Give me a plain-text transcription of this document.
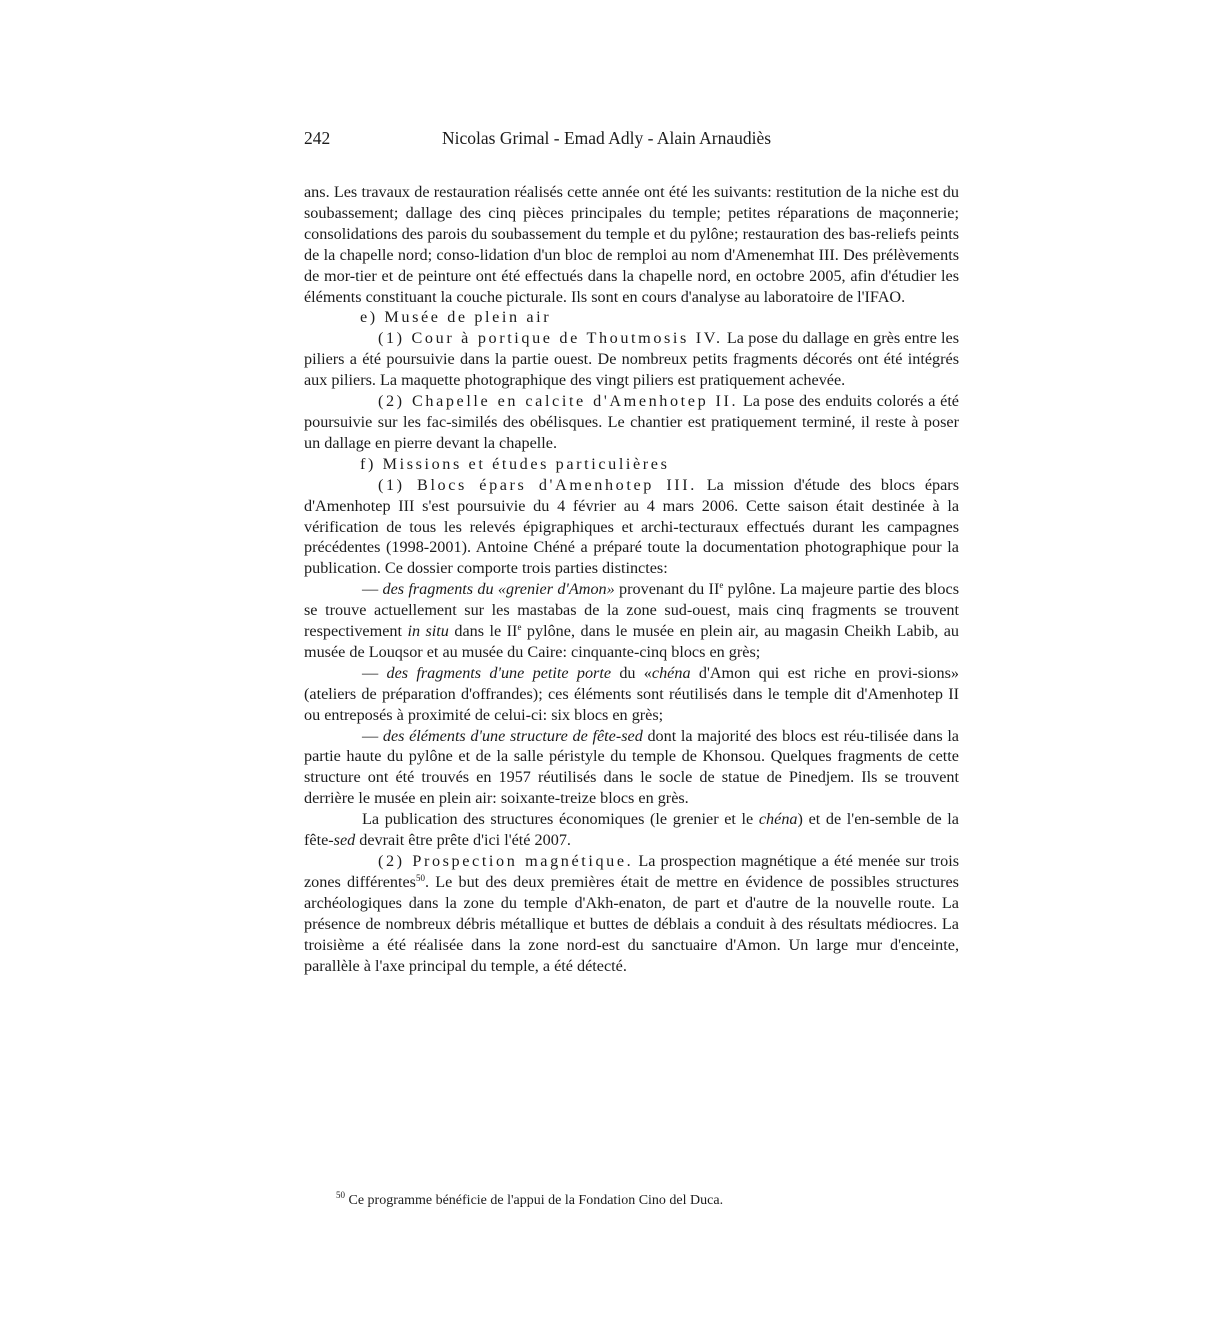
242	Nicolas Grimal - Emad Adly - Alain Arnaudiès

ans. Les travaux de restauration réalisés cette année ont été les suivants: restitution de la niche est du soubassement; dallage des cinq pièces principales du temple; petites réparations de maçonnerie; consolidations des parois du soubassement du temple et du pylône; restauration des bas-reliefs peints de la chapelle nord; conso-lidation d'un bloc de remploi au nom d'Amenemhat III. Des prélèvements de mor-tier et de peinture ont été effectués dans la chapelle nord, en octobre 2005, afin d'étudier les éléments constituant la couche picturale. Ils sont en cours d'analyse au laboratoire de l'IFAO.

e) Musée de plein air

(1) Cour à portique de Thoutmosis IV. La pose du dallage en grès entre les piliers a été poursuivie dans la partie ouest. De nombreux petits fragments décorés ont été intégrés aux piliers. La maquette photographique des vingt piliers est pratiquement achevée.

(2) Chapelle en calcite d'Amenhotep II. La pose des enduits colorés a été poursuivie sur les fac-similés des obélisques. Le chantier est pratiquement terminé, il reste à poser un dallage en pierre devant la chapelle.

f) Missions et études particulières

(1) Blocs épars d'Amenhotep III. La mission d'étude des blocs épars d'Amenhotep III s'est poursuivie du 4 février au 4 mars 2006. Cette saison était destinée à la vérification de tous les relevés épigraphiques et archi-tecturaux effectués durant les campagnes précédentes (1998-2001). Antoine Chéné a préparé toute la documentation photographique pour la publication. Ce dossier comporte trois parties distinctes:

— des fragments du «grenier d'Amon» provenant du IIe pylône. La majeure partie des blocs se trouve actuellement sur les mastabas de la zone sud-ouest, mais cinq fragments se trouvent respectivement in situ dans le IIe pylône, dans le musée en plein air, au magasin Cheikh Labib, au musée de Louqsor et au musée du Caire: cinquante-cinq blocs en grès;

— des fragments d'une petite porte du «chéna d'Amon qui est riche en provi-sions» (ateliers de préparation d'offrandes); ces éléments sont réutilisés dans le temple dit d'Amenhotep II ou entreposés à proximité de celui-ci: six blocs en grès;

— des éléments d'une structure de fête-sed dont la majorité des blocs est réu-tilisée dans la partie haute du pylône et de la salle péristyle du temple de Khonsou. Quelques fragments de cette structure ont été trouvés en 1957 réutilisés dans le socle de statue de Pinedjem. Ils se trouvent derrière le musée en plein air: soixante-treize blocs en grès.

La publication des structures économiques (le grenier et le chéna) et de l'en-semble de la fête-sed devrait être prête d'ici l'été 2007.

(2) Prospection magnétique. La prospection magnétique a été menée sur trois zones différentes$^{50}$. Le but des deux premières était de mettre en évidence de possibles structures archéologiques dans la zone du temple d'Akh-enaton, de part et d'autre de la nouvelle route. La présence de nombreux débris métallique et buttes de déblais a conduit à des résultats médiocres. La troisième a été réalisée dans la zone nord-est du sanctuaire d'Amon. Un large mur d'enceinte, parallèle à l'axe principal du temple, a été détecté.

$^{50}$ Ce programme bénéficie de l'appui de la Fondation Cino del Duca.
